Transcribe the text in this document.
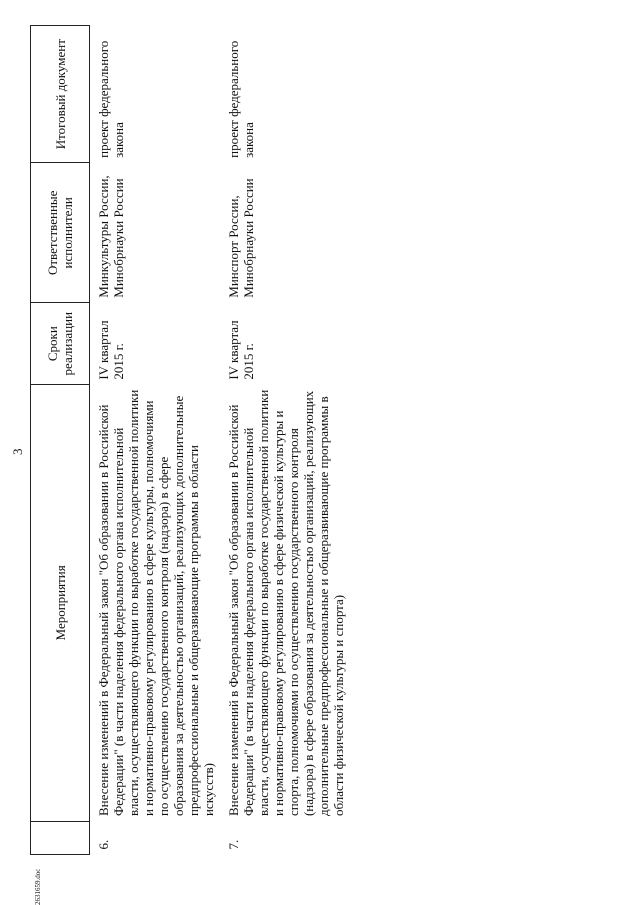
3
	Мероприятия	Сроки реализации	Ответственные исполнители	Итоговый документ
6.	Внесение изменений в Федеральный закон "Об образовании в Российской Федерации" (в части наделения федерального органа исполнительной власти, осуществляющего функции по выработке государственной политики и нормативно-правовому регулированию в сфере культуры, полномочиями по осуществлению государственного контроля (надзора) в сфере образования за деятельностью организаций, реализующих дополнительные предпрофессиональные и общеразвивающие программы в области искусств)	IV квартал 2015 г.	Минкультуры России, Минобрнауки России	проект федерального закона
7.	Внесение изменений в Федеральный закон "Об образовании в Российской Федерации" (в части наделения федерального органа исполнительной власти, осуществляющего функции по выработке государственной политики и нормативно-правовому регулированию в сфере физической культуры и спорта, полномочиями по осуществлению государственного контроля (надзора) в сфере образования за деятельностью организаций, реализующих дополнительные предпрофессиональные и общеразвивающие программы в области физической культуры и спорта)	IV квартал 2015 г.	Минспорт России, Минобрнауки России	проект федерального закона
2631659.doc
